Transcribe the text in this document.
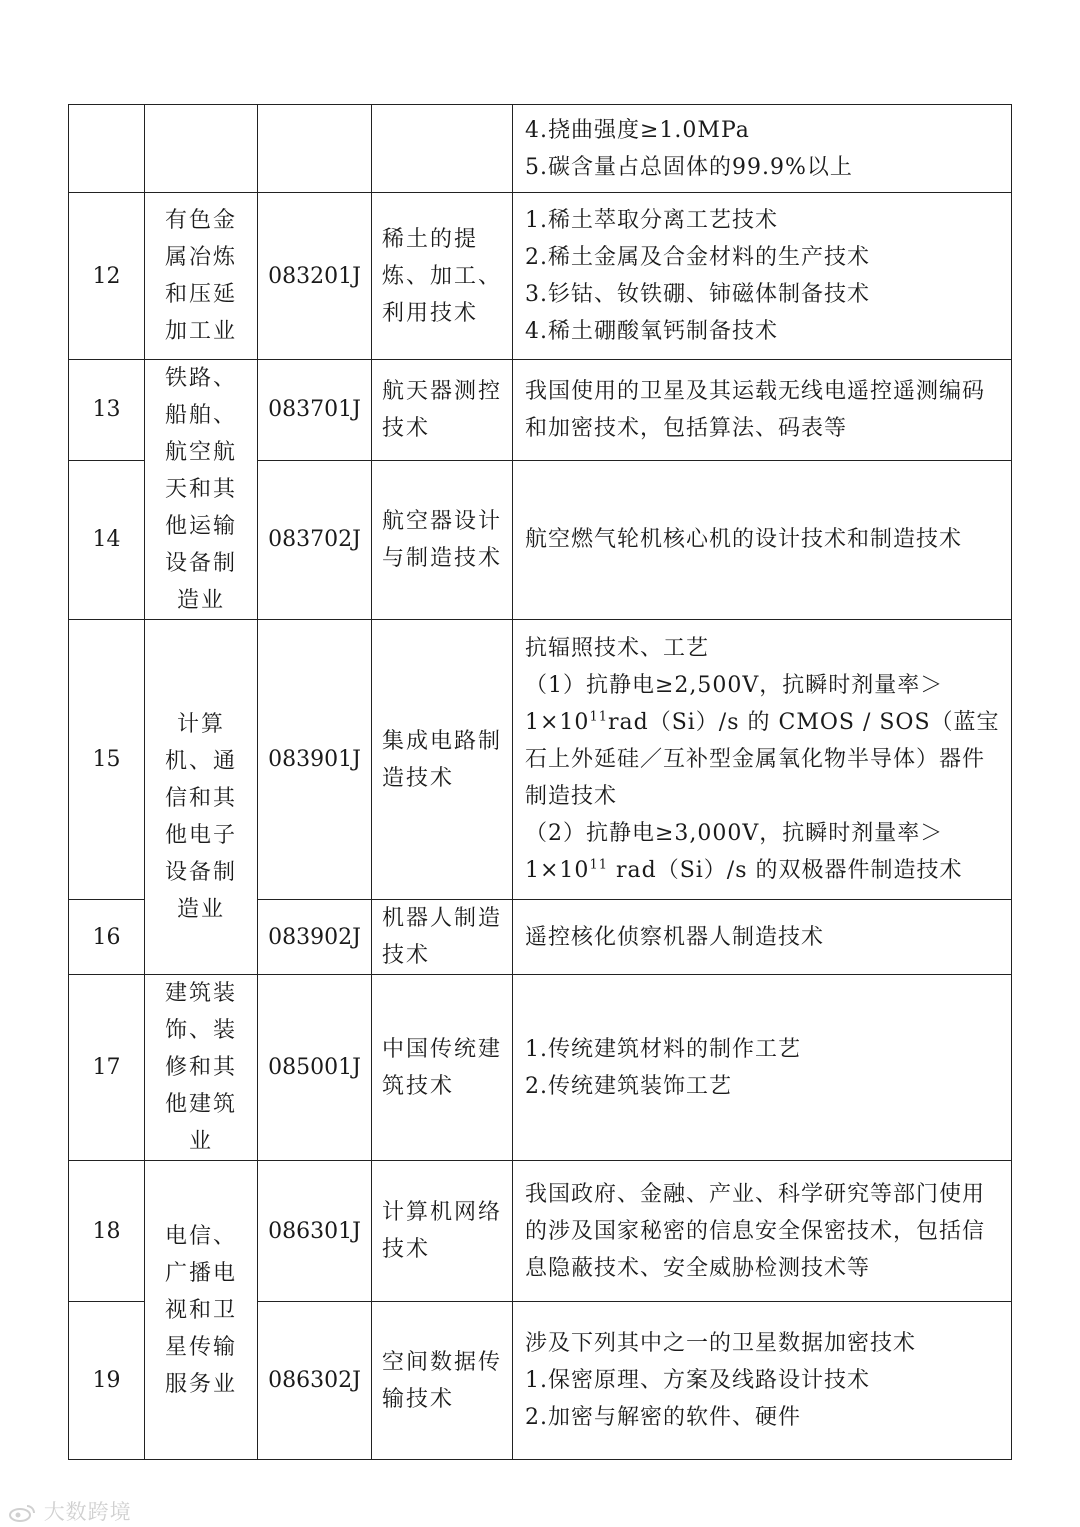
				4.挠曲强度≥1.0MPa
5.碳含量占总固体的99.9%以上

12	有色金属冶炼和压延加工业	083201J	稀土的提炼、加工、利用技术	1.稀土萃取分离工艺技术
2.稀土金属及合金材料的生产技术
3.钐钴、钕铁硼、铈磁体制备技术
4.稀土硼酸氧钙制备技术

13	铁路、船舶、航空航天和其他运输设备制造业	083701J	航天器测控技术	我国使用的卫星及其运载无线电遥控遥测编码和加密技术，包括算法、码表等
14		083702J	航空器设计与制造技术	航空燃气轮机核心机的设计技术和制造技术
15	计算机、通信和其他电子设备制造业	083901J	集成电路制造技术	抗辐照技术、工艺
（1）抗静电≥2,500V，抗瞬时剂量率$>1\times 10^{11}rad(Si)/s$ 的 CMOS / SOS（蓝宝石上外延硅／互补型金属氧化物半导体）器件制造技术
（2）抗静电≥3,000V，抗瞬时剂量率$>1\times 10^{11}$ rad（Si）/s 的双极器件制造技术
16		083902J	机器人制造技术	遥控核化侦察机器人制造技术
17	建筑装饰、装修和其他建筑业	085001J	中国传统建筑技术	1.传统建筑材料的制作工艺
2.传统建筑装饰工艺

18	电信、广播电视和卫星传输服务业	086301J	计算机网络技术	我国政府、金融、产业、科学研究等部门使用的涉及国家秘密的信息安全保密技术，包括信息隐蔽技术、安全威胁检测技术等
19		086302J	空间数据传输技术	涉及下列其中之一的卫星数据加密技术
1.保密原理、方案及线路设计技术
2.加密与解密的软件、硬件
大数跨境
